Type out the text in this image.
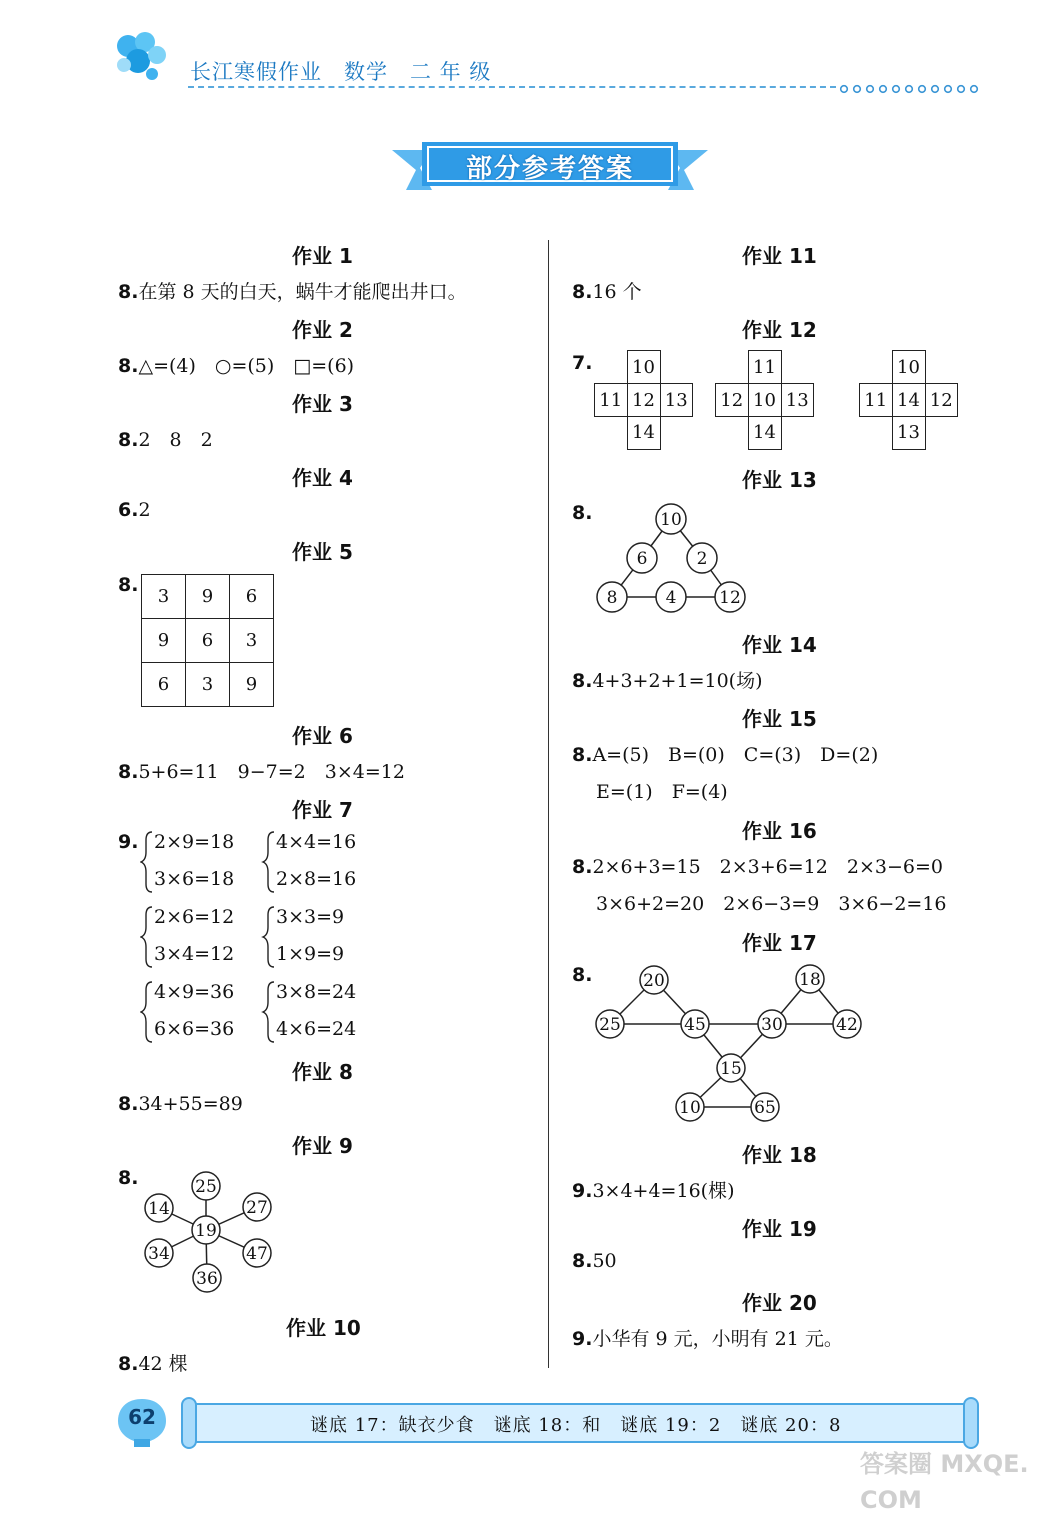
长江寒假作业　数学　二 年 级
部分参考答案
作业 1
8.在第 8 天的白天，蜗牛才能爬出井口。
作业 2
8.△=(4)　○=(5)　□=(6)
作业 3
8.2　8　2
作业 4
6.2
作业 5
8.
3	9	6
9	6	3
6	3	9
作业 6
8.5+6=11　9−7=2　3×4=12
作业 7
9. 2×9=18
3×6=18
4×4=16
2×8=16
2×6=12
3×4=12
3×3=9
1×9=9
4×9=36
6×6=36
3×8=24
4×6=24
作业 8
8.34+55=89
作业 9
8.
19
25
27
47
36
34
14
作业 10
8.42 棵
作业 11
8.16 个
作业 12
7.
	10	
11	12	13
	14	
	11	
12	10	13
	14	
	10	
11	14	12
	13	
作业 13
8.	10
6	2
8	4	12
作业 14
8.4+3+2+1=10(场)
作业 15
8.A=(5)　B=(0)　C=(3)　D=(2)
E=(1)　F=(4)
作业 16
8.2×6+3=15　2×3+6=12　2×3−6=0
3×6+2=20　2×6−3=9　3×6−2=16
作业 17
8.	20
25	45	30
18
42
15
10	65
作业 18
9.3×4+4=16(棵)
作业 19
8.50
作业 20
9.小华有 9 元，小明有 21 元。
62	谜底 17：缺衣少食　谜底 18：和　谜底 19：2　谜底 20：8
答案圈 MXQE.COM
